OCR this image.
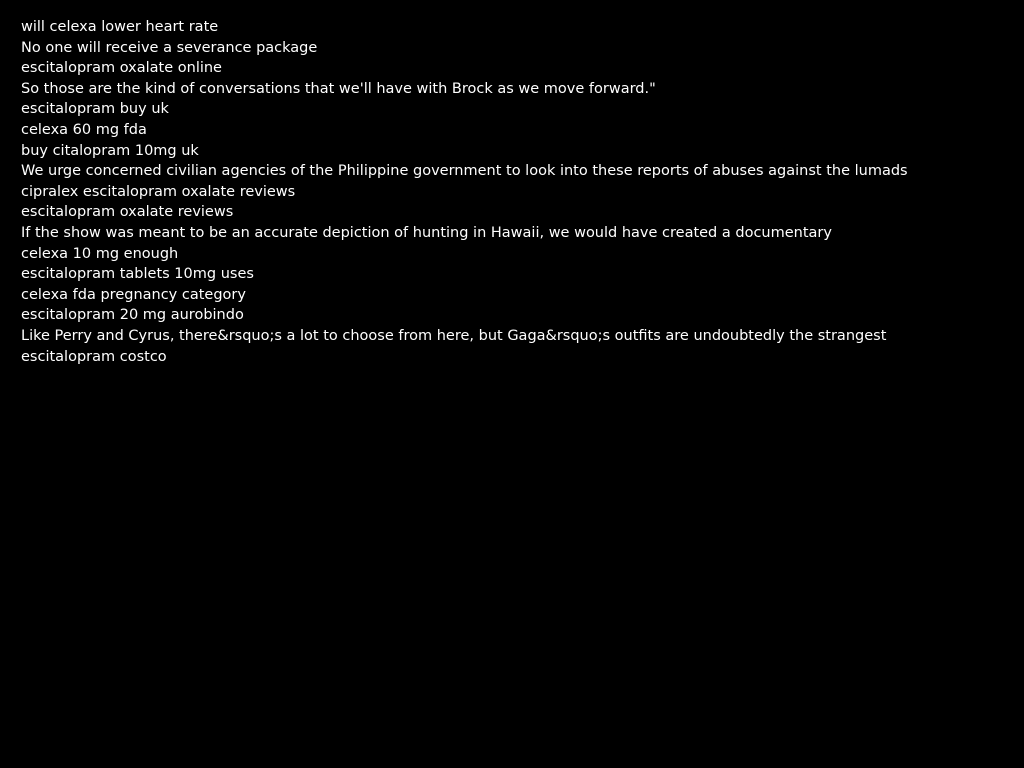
will celexa lower heart rate
No one will receive a severance package
escitalopram oxalate online
So those are the kind of conversations that we'll have with Brock as we move forward."
escitalopram buy uk
celexa 60 mg fda
buy citalopram 10mg uk
We urge concerned civilian agencies of the Philippine government to look into these reports of abuses against the lumads
cipralex escitalopram oxalate reviews
escitalopram oxalate reviews
If the show was meant to be an accurate depiction of hunting in Hawaii, we would have created a documentary
celexa 10 mg enough
escitalopram tablets 10mg uses
celexa fda pregnancy category
escitalopram 20 mg aurobindo
Like Perry and Cyrus, there&rsquo;s a lot to choose from here, but Gaga&rsquo;s outfits are undoubtedly the strangest
escitalopram costco
